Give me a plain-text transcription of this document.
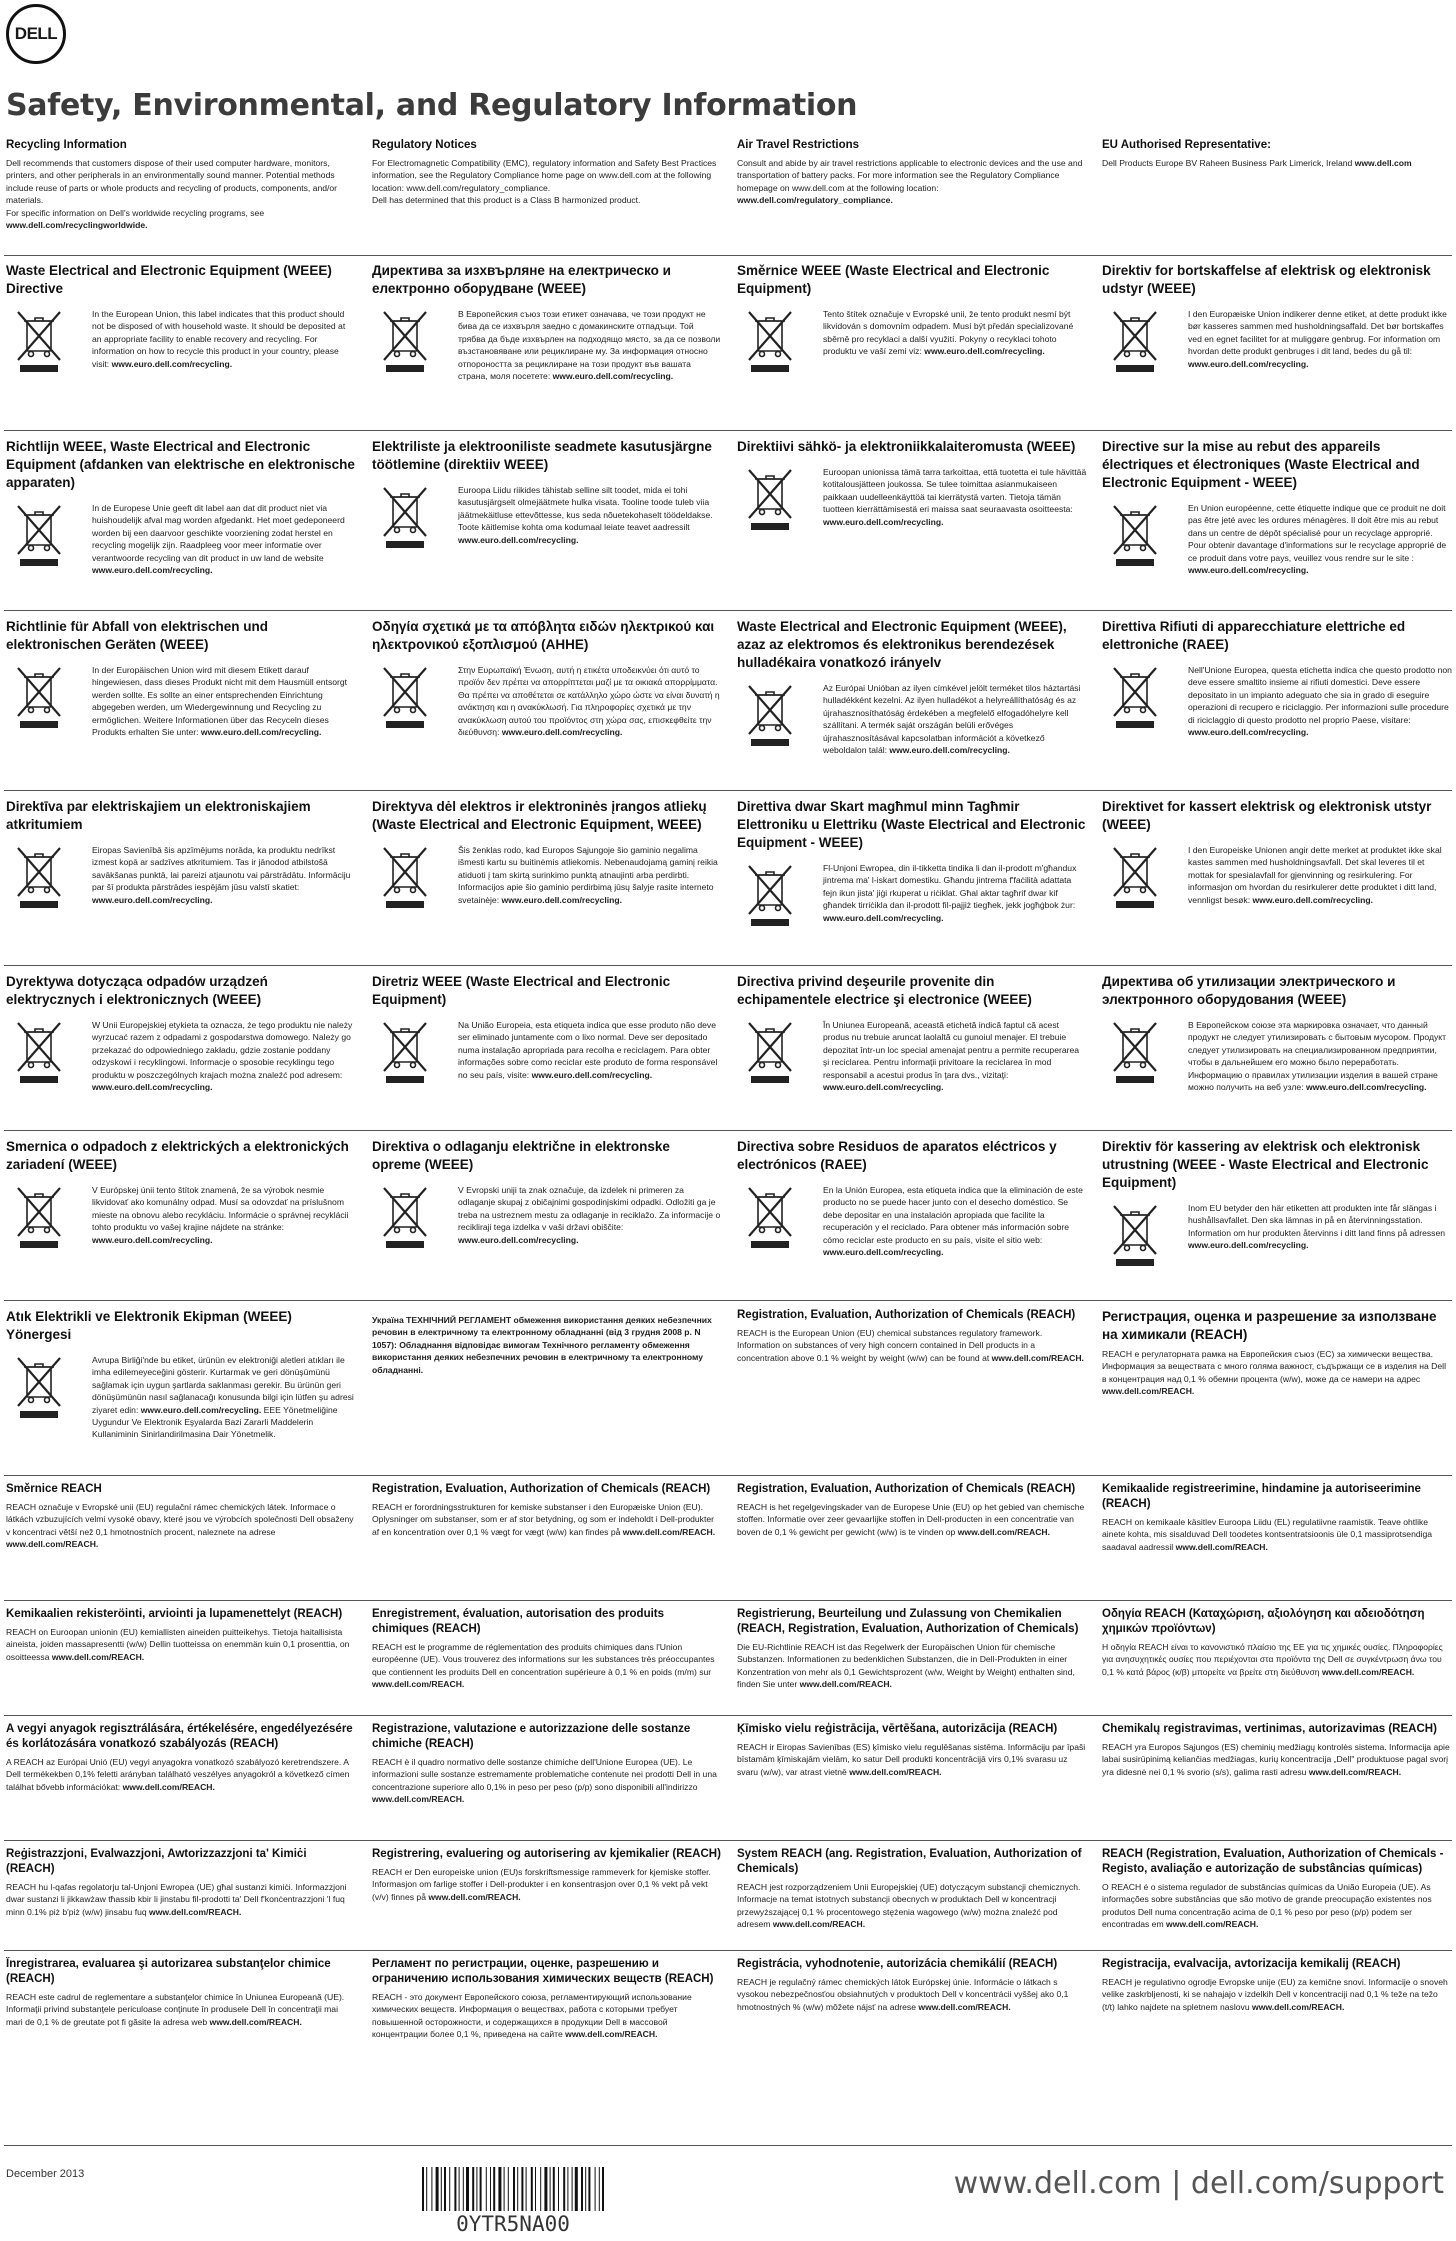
DELL
Safety, Environmental, and Regulatory Information
Recycling Information
Dell recommends that customers dispose of their used computer hardware, monitors, printers, and other peripherals in an environmentally sound manner. Potential methods include reuse of parts or whole products and recycling of products, components, and/or materials.
For specific information on Dell's worldwide recycling programs, see www.dell.com/recyclingworldwide.
Regulatory Notices
For Electromagnetic Compatibility (EMC), regulatory information and Safety Best Practices information, see the Regulatory Compliance home page on www.dell.com at the following location: www.dell.com/regulatory_compliance.
Dell has determined that this product is a Class B harmonized product.
Air Travel Restrictions
Consult and abide by air travel restrictions applicable to electronic devices and the use and transportation of battery packs. For more information see the Regulatory Compliance homepage on www.dell.com at the following location: www.dell.com/regulatory_compliance.
EU Authorised Representative:
Dell Products Europe BV Raheen Business Park Limerick, Ireland www.dell.com
Waste Electrical and Electronic Equipment (WEEE) Directive
In the European Union, this label indicates that this product should not be disposed of with household waste. It should be deposited at an appropriate facility to enable recovery and recycling. For information on how to recycle this product in your country, please visit: www.euro.dell.com/recycling.
Директива за изхвърляне на електрическо и електронно оборудване (WEEE)
В Европейския съюз този етикет означава, че този продукт не бива да се изхвърля заедно с домакинските отпадъци. Той трябва да бъде изхвърлен на подходящо място, за да се позволи възстановяване или рециклиране му. За информация относно отпороността за рециклиране на този продукт във вашата страна, моля посетете: www.euro.dell.com/recycling.
Směrnice WEEE (Waste Electrical and Electronic Equipment)
Tento štítek označuje v Evropské unii, že tento produkt nesmí být likvidován s domovním odpadem. Musí být předán specializované sběrně pro recyklaci a další využití. Pokyny o recyklaci tohoto produktu ve vaší zemi viz: www.euro.dell.com/recycling.
Direktiv for bortskaffelse af elektrisk og elektronisk udstyr (WEEE)
I den Europæiske Union indikerer denne etiket, at dette produkt ikke bør kasseres sammen med husholdningsaffald. Det bør bortskaffes ved en egnet facilitet for at muliggøre genbrug. For information om hvordan dette produkt genbruges i dit land, bedes du gå til: www.euro.dell.com/recycling.
Richtlijn WEEE, Waste Electrical and Electronic Equipment (afdanken van elektrische en elektronische apparaten)
In de Europese Unie geeft dit label aan dat dit product niet via huishoudelijk afval mag worden afgedankt. Het moet gedeponeerd worden bij een daarvoor geschikte voorziening zodat herstel en recycling mogelijk zijn. Raadpleeg voor meer informatie over verantwoorde recycling van dit product in uw land de website www.euro.dell.com/recycling.
Elektriliste ja elektrooniliste seadmete kasutusjärgne töötlemine (direktiiv WEEE)
Euroopa Liidu riikides tähistab selline silt toodet, mida ei tohi kasutusjärgselt olmejäätmete hulka visata. Tooline toode tuleb viia jäätmekäitluse ettevõttesse, kus seda nõuetekohaselt töödeldakse. Toote käitlemise kohta oma kodumaal leiate teavet aadressilt www.euro.dell.com/recycling.
Direktiivi sähkö- ja elektroniikkalaiteromusta (WEEE)
Euroopan unionissa tämä tarra tarkoittaa, että tuotetta ei tule hävittää kotitalousjätteen joukossa. Se tulee toimittaa asianmukaiseen paikkaan uudelleenkäyttöä tai kierrätystä varten. Tietoja tämän tuotteen kierrättämisestä eri maissa saat seuraavasta osoitteesta: www.euro.dell.com/recycling.
Directive sur la mise au rebut des appareils électriques et électroniques (Waste Electrical and Electronic Equipment - WEEE)
En Union européenne, cette étiquette indique que ce produit ne doit pas être jeté avec les ordures ménagères. Il doit être mis au rebut dans un centre de dépôt spécialisé pour un recyclage approprié. Pour obtenir davantage d'informations sur le recyclage approprié de ce produit dans votre pays, veuillez vous rendre sur le site : www.euro.dell.com/recycling.
Richtlinie für Abfall von elektrischen und elektronischen Geräten (WEEE)
In der Europäischen Union wird mit diesem Etikett darauf hingewiesen, dass dieses Produkt nicht mit dem Hausmüll entsorgt werden sollte. Es sollte an einer entsprechenden Einrichtung abgegeben werden, um Wiedergewinnung und Recycling zu ermöglichen. Weitere Informationen über das Recyceln dieses Produkts erhalten Sie unter: www.euro.dell.com/recycling.
Οδηγία σχετικά με τα απόβλητα ειδών ηλεκτρικού και ηλεκτρονικού εξοπλισμού (ΑΗΗΕ)
Στην Ευρωπαϊκή Ένωση, αυτή η ετικέτα υποδεικνύει ότι αυτό το προϊόν δεν πρέπει να απορρίπτεται μαζί με τα οικιακά απορρίμματα. Θα πρέπει να αποθέτεται σε κατάλληλο χώρο ώστε να είναι δυνατή η ανάκτηση και η ανακύκλωσή. Για πληροφορίες σχετικά με την ανακύκλωση αυτού του προϊόντος στη χώρα σας, επισκεφθείτε την διεύθυνση: www.euro.dell.com/recycling.
Waste Electrical and Electronic Equipment (WEEE), azaz az elektromos és elektronikus berendezések hulladékaira vonatkozó irányelv
Az Európai Unióban az ilyen címkével jelölt terméket tilos háztartási hulladékként kezelni. Az ilyen hulladékot a helyreállíthatóság és az újrahasznosíthatóság érdekében a megfelelő elfogadóhelyre kell szállítani. A termék saját országán belüli erővéges újrahasznosításával kapcsolatban információt a következő weboldalon talál: www.euro.dell.com/recycling.
Direttiva Rifiuti di apparecchiature elettriche ed elettroniche (RAEE)
Nell'Unione Europea, questa etichetta indica che questo prodotto non deve essere smaltito insieme ai rifiuti domestici. Deve essere depositato in un impianto adeguato che sia in grado di eseguire operazioni di recupero e riciclaggio. Per informazioni sulle procedure di riciclaggio di questo prodotto nel proprio Paese, visitare: www.euro.dell.com/recycling.
Direktīva par elektriskajiem un elektroniskajiem atkritumiem
Eiropas Savienībā šis apzīmējums norāda, ka produktu nedrīkst izmest kopā ar sadzīves atkritumiem. Tas ir jānodod atbilstošā savākšanas punktā, lai pareizi atjaunotu vai pārstrādātu. Informāciju par šī produkta pārstrādes iespējām jūsu valstī skatiet: www.euro.dell.com/recycling.
Direktyva dėl elektros ir elektroninės įrangos atliekų (Waste Electrical and Electronic Equipment, WEEE)
Šis ženklas rodo, kad Europos Sąjungoje šio gaminio negalima išmesti kartu su buitinėmis atliekomis. Nebenaudojamą gaminį reikia atiduoti į tam skirtą surinkimo punktą atnaujinti arba perdirbti. Informacijos apie šio gaminio perdirbimą jūsų šalyje rasite interneto svetainėje: www.euro.dell.com/recycling.
Direttiva dwar Skart magħmul minn Tagħmir Elettroniku u Elettriku (Waste Electrical and Electronic Equipment - WEEE)
Fl-Unjoni Ewropea, din il-tikketta tindika li dan il-prodott m'għandux jintrema ma' l-iskart domestiku. Għandu jintrema f'faċilità adattata fejn ikun jista' jiġi rkuperat u riċiklat. Għal aktar tagħrif dwar kif għandek tirriċikla dan il-prodott fil-pajjiż tiegħek, jekk jogħġbok żur: www.euro.dell.com/recycling.
Direktivet for kassert elektrisk og elektronisk utstyr (WEEE)
I den Europeiske Unionen angir dette merket at produktet ikke skal kastes sammen med husholdningsavfall. Det skal leveres til et mottak for spesialavfall for gjenvinning og resirkulering. For informasjon om hvordan du resirkulerer dette produktet i ditt land, vennligst besøk: www.euro.dell.com/recycling.
Dyrektywa dotycząca odpadów urządzeń elektrycznych i elektronicznych (WEEE)
W Unii Europejskiej etykieta ta oznacza, że tego produktu nie należy wyrzucać razem z odpadami z gospodarstwa domowego. Należy go przekazać do odpowiedniego zakładu, gdzie zostanie poddany odzyskowi i recyklingowi. Informacje o sposobie recyklingu tego produktu w poszczególnych krajach można znaleźć pod adresem: www.euro.dell.com/recycling.
Diretriz WEEE (Waste Electrical and Electronic Equipment)
Na União Europeia, esta etiqueta indica que esse produto não deve ser eliminado juntamente com o lixo normal. Deve ser depositado numa instalação apropriada para recolha e reciclagem. Para obter informações sobre como reciclar este produto de forma responsável no seu país, visite: www.euro.dell.com/recycling.
Directiva privind deşeurile provenite din echipamentele electrice şi electronice (WEEE)
În Uniunea Europeană, această etichetă indică faptul că acest produs nu trebuie aruncat laolaltă cu gunoiul menajer. El trebuie depozitat într-un loc special amenajat pentru a permite recuperarea şi reciclarea. Pentru informaţii privitoare la reciclarea în mod responsabil a acestui produs în ţara dvs., vizitaţi: www.euro.dell.com/recycling.
Директива об утилизации электрического и электронного оборудования (WEEE)
В Европейском союзе эта маркировка означает, что данный продукт не следует утилизировать с бытовым мусором. Продукт следует утилизировать на специализированном предприятии, чтобы в дальнейшем его можно было переработать. Информацию о правилах утилизации изделия в вашей стране можно получить на веб узле: www.euro.dell.com/recycling.
Smernica o odpadoch z elektrických a elektronických zariadení (WEEE)
V Európskej únii tento štítok znamená, že sa výrobok nesmie likvidovať ako komunálny odpad. Musí sa odovzdať na príslušnom mieste na obnovu alebo recykláciu. Informácie o správnej recyklácii tohto produktu vo vašej krajine nájdete na stránke: www.euro.dell.com/recycling.
Direktiva o odlaganju električne in elektronske opreme (WEEE)
V Evropski uniji ta znak označuje, da izdelek ni primeren za odlaganje skupaj z običajnimi gospodinjskimi odpadki. Odložiti ga je treba na ustreznem mestu za odlaganje in reciklažo. Za informacije o recikliraji tega izdelka v vaši državi obiščite: www.euro.dell.com/recycling.
Directiva sobre Residuos de aparatos eléctricos y electrónicos (RAEE)
En la Unión Europea, esta etiqueta indica que la eliminación de este producto no se puede hacer junto con el desecho doméstico. Se debe depositar en una instalación apropiada que facilite la recuperación y el reciclado. Para obtener más información sobre cómo reciclar este producto en su país, visite el sitio web: www.euro.dell.com/recycling.
Direktiv för kassering av elektrisk och elektronisk utrustning (WEEE - Waste Electrical and Electronic Equipment)
Inom EU betyder den här etiketten att produkten inte får slängas i hushållsavfallet. Den ska lämnas in på en återvinningsstation. Information om hur produkten återvinns i ditt land finns på adressen www.euro.dell.com/recycling.
Atık Elektrikli ve Elektronik Ekipman (WEEE) Yönergesi
Avrupa Birliği'nde bu etiket, ürünün ev elektroniği aletleri atıkları ile imha edilemeyeceğini gösterir. Kurtarmak ve geri dönüşümünü sağlamak için uygun şartlarda saklanması gerekir. Bu ürünün geri dönüşümünün nasıl sağlanacağı konusunda bilgi için lütfen şu adresi ziyaret edin: www.euro.dell.com/recycling. EEE Yönetmeliğine Uygundur Ve Elektronik Eşyalarda Bazi Zararli Maddelerin Kullaniminin Sinirlandirilmasina Dair Yönetmelik.
Україна ТЕХНІЧНИЙ РЕГЛАМЕНТ обмеження використання деяких небезпечних речовин в електричному та електронному обладнанні (від 3 грудня 2008 р. N 1057): Обладнання відповідає вимогам Технічного регламенту обмеження використання деяких небезпечних речовин в електричному та електронному обладнанні.
Registration, Evaluation, Authorization of Chemicals (REACH)
REACH is the European Union (EU) chemical substances regulatory framework. Information on substances of very high concern contained in Dell products in a concentration above 0.1 % weight by weight (w/w) can be found at www.dell.com/REACH.
Регистрация, оценка и разрешение за използване на химикали (REACH)
REACH е регулаторната рамка на Европейския съюз (ЕС) за химически вещества. Информация за веществата с много голяма важност, съдържащи се в изделия на Dell в концентрация над 0,1 % обемни процента (w/w), може да се намери на адрес www.dell.com/REACH.
Směrnice REACH
REACH označuje v Evropské unii (EU) regulační rámec chemických látek. Informace o látkách vzbuzujících velmi vysoké obavy, které jsou ve výrobcích společnosti Dell obsaženy v koncentraci větší než 0,1 hmotnostních procent, naleznete na adrese www.dell.com/REACH.
Registration, Evaluation, Authorization of Chemicals (REACH)
REACH er forordningsstrukturen for kemiske substanser i den Europæiske Union (EU). Oplysninger om substanser, som er af stor betydning, og som er indeholdt i Dell-produkter af en koncentration over 0,1 % vægt for vægt (w/w) kan findes på www.dell.com/REACH.
Registration, Evaluation, Authorization of Chemicals (REACH)
REACH is het regelgevingskader van de Europese Unie (EU) op het gebied van chemische stoffen. Informatie over zeer gevaarlijke stoffen in Dell-producten in een concentratie van boven de 0,1 % gewicht per gewicht (w/w) is te vinden op www.dell.com/REACH.
Kemikaalide registreerimine, hindamine ja autoriseerimine (REACH)
REACH on kemikaale käsitlev Euroopa Liidu (EL) regulatiivne raamistik. Teave ohtlike ainete kohta, mis sisalduvad Dell toodetes kontsentratsioonis üle 0,1 massiprotsendiga saadaval aadressil www.dell.com/REACH.
Kemikaalien rekisteröinti, arviointi ja lupamenettelyt (REACH)
REACH on Euroopan unionin (EU) kemiallisten aineiden puitteikehys. Tietoja haitallisista aineista, joiden massapresentti (w/w) Dellin tuotteissa on enemmän kuin 0,1 prosenttia, on osoitteessa www.dell.com/REACH.
Enregistrement, évaluation, autorisation des produits chimiques (REACH)
REACH est le programme de réglementation des produits chimiques dans l'Union européenne (UE). Vous trouverez des informations sur les substances très préoccupantes que contiennent les produits Dell en concentration supérieure à 0,1 % en poids (m/m) sur www.dell.com/REACH.
Registrierung, Beurteilung und Zulassung von Chemikalien (REACH, Registration, Evaluation, Authorization of Chemicals)
Die EU-Richtlinie REACH ist das Regelwerk der Europäischen Union für chemische Substanzen. Informationen zu bedenklichen Substanzen, die in Dell-Produkten in einer Konzentration von mehr als 0,1 Gewichtsprozent (w/w, Weight by Weight) enthalten sind, finden Sie unter www.dell.com/REACH.
Οδηγία REACH (Καταχώριση, αξιολόγηση και αδειοδότηση χημικών προϊόντων)
Η οδηγία REACH είναι το κανονιστικό πλαίσιο της ΕΕ για τις χημικές ουσίες. Πληροφορίες για ανησυχητικές ουσίες που περιέχονται στα προϊόντα της Dell σε συγκέντρωση άνω του 0,1 % κατά βάρος (κ/β) μπορείτε να βρείτε στη διεύθυνση www.dell.com/REACH.
A vegyi anyagok regisztrálására, értékelésére, engedélyezésére és korlátozására vonatkozó szabályozás (REACH)
A REACH az Európai Unió (EU) vegyi anyagokra vonatkozó szabályozó keretrendszere. A Dell termékekben 0,1% feletti arányban található veszélyes anyagokról a következő címen találhat bővebb információkat: www.dell.com/REACH.
Registrazione, valutazione e autorizzazione delle sostanze chimiche (REACH)
REACH è il quadro normativo delle sostanze chimiche dell'Unione Europea (UE). Le informazioni sulle sostanze estremamente problematiche contenute nei prodotti Dell in una concentrazione superiore allo 0,1% in peso per peso (p/p) sono disponibili all'indirizzo www.dell.com/REACH.
Ķīmisko vielu reģistrācija, vērtēšana, autorizācija (REACH)
REACH ir Eiropas Savienības (ES) ķīmisko vielu regulēšanas sistēma. Informāciju par īpaši bīstamām ķīmiskajām vielām, ko satur Dell produkti koncentrācijā virs 0,1% svarasu uz svaru (w/w), var atrast vietnē www.dell.com/REACH.
Chemikalų registravimas, vertinimas, autorizavimas (REACH)
REACH yra Europos Sąjungos (ES) cheminių medžiagų kontrolės sistema. Informacija apie labai susirūpinimą keliančias medžiagas, kurių koncentracija „Dell" produktuose pagal svorį yra didesnė nei 0,1 % svorio (s/s), galima rasti adresu www.dell.com/REACH.
Reġistrazzjoni, Evalwazzjoni, Awtorizzazzjoni ta' Kimiċi (REACH)
REACH hu l-qafas regolatorju tal-Unjoni Ewropea (UE) għal sustanzi kimiċi. Informazzjoni dwar sustanzi li jikkawżaw tħassib kbir li jinstabu fil-prodotti ta' Dell f'konċentrazzjoni 'l fuq minn 0.1% piż b'piż (w/w) jinsabu fuq www.dell.com/REACH.
Registrering, evaluering og autorisering av kjemikalier (REACH)
REACH er Den europeiske union (EU)s forskriftsmessige rammeverk for kjemiske stoffer. Informasjon om farlige stoffer i Dell-produkter i en konsentrasjon over 0,1 % vekt på vekt (v/v) finnes på www.dell.com/REACH.
System REACH (ang. Registration, Evaluation, Authorization of Chemicals)
REACH jest rozporządzeniem Unii Europejskiej (UE) dotyczącym substancji chemicznych. Informacje na temat istotnych substancji obecnych w produktach Dell w koncentracji przewyższającej 0,1 % procentowego stężenia wagowego (w/w) można znaleźć pod adresem www.dell.com/REACH.
REACH (Registration, Evaluation, Authorization of Chemicals - Registo, avaliação e autorização de substâncias químicas)
O REACH é o sistema regulador de substâncias químicas da União Europeia (UE). As informações sobre substâncias que são motivo de grande preocupação existentes nos produtos Dell numa concentração acima de 0,1 % peso por peso (p/p) podem ser encontradas em www.dell.com/REACH.
Înregistrarea, evaluarea şi autorizarea substanţelor chimice (REACH)
REACH este cadrul de reglementare a substanţelor chimice în Uniunea Europeană (UE). Informaţii privind substanţele periculoase conţinute în produsele Dell în concentraţii mai mari de 0,1 % de greutate pot fi găsite la adresa web www.dell.com/REACH.
Регламент по регистрации, оценке, разрешению и ограничению использования химических веществ (REACH)
REACH - это документ Европейского союза, регламентирующий использование химических веществ. Информация о веществах, работа с которыми требует повышенной осторожности, и содержащихся в продукции Dell в массовой концентрации более 0,1 %, приведена на сайте www.dell.com/REACH.
Registrácia, vyhodnotenie, autorizácia chemikálií (REACH)
REACH je regulačný rámec chemických látok Európskej únie. Informácie o látkach s vysokou nebezpečnosťou obsiahnutých v produktoch Dell v koncentrácii vyššej ako 0,1 hmotnostných % (w/w) môžete nájsť na adrese www.dell.com/REACH.
Registracija, evalvacija, avtorizacija kemikalij (REACH)
REACH je regulativno ogrodje Evropske unije (EU) za kemične snovi. Informacije o snoveh velike zaskrbljenosti, ki se nahajajo v izdelkih Dell v koncentraciji nad 0,1 % teže na težo (t/t) lahko najdete na spletnem naslovu www.dell.com/REACH.
December 2013
0YTR5NA00
www.dell.com | dell.com/support
